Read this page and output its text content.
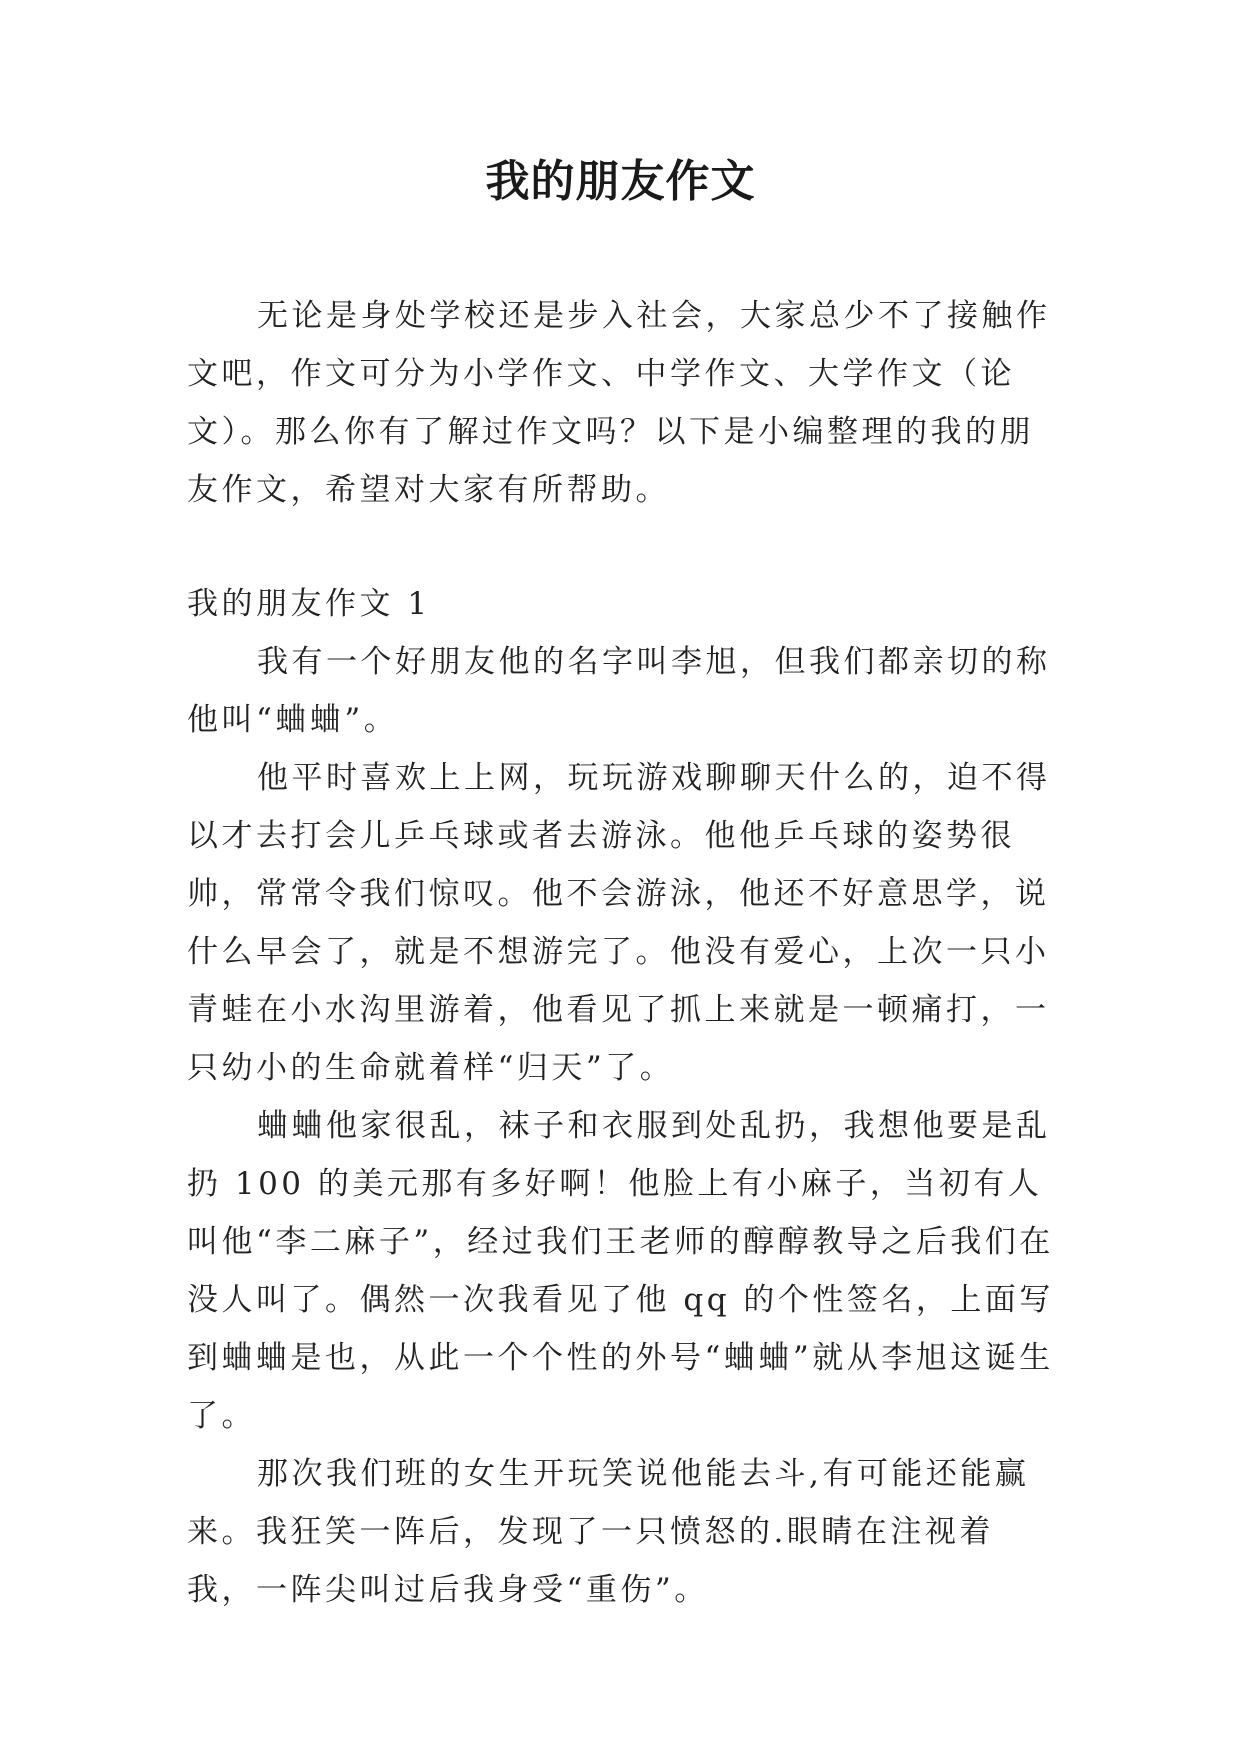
我的朋友作文

无论是身处学校还是步入社会，大家总少不了接触作文吧，作文可分为小学作文、中学作文、大学作文（论文）。那么你有了解过作文吗？以下是小编整理的我的朋友作文，希望对大家有所帮助。

我的朋友作文 1

我有一个好朋友他的名字叫李旭，但我们都亲切的称他叫“蛐蛐”。

他平时喜欢上上网，玩玩游戏聊聊天什么的，迫不得以才去打会儿乒乓球或者去游泳。他他乒乓球的姿势很帅，常常令我们惊叹。他不会游泳，他还不好意思学，说什么早会了，就是不想游完了。他没有爱心，上次一只小青蛙在小水沟里游着，他看见了抓上来就是一顿痛打，一只幼小的生命就着样“归天”了。

蛐蛐他家很乱，袜子和衣服到处乱扔，我想他要是乱扔 100 的美元那有多好啊！他脸上有小麻子，当初有人叫他“李二麻子”，经过我们王老师的醇醇教导之后我们在没人叫了。偶然一次我看见了他 qq 的个性签名，上面写到蛐蛐是也，从此一个个性的外号“蛐蛐”就从李旭这诞生了。

那次我们班的女生开玩笑说他能去斗,有可能还能赢来。我狂笑一阵后，发现了一只愤怒的.眼睛在注视着我，一阵尖叫过后我身受“重伤”。
